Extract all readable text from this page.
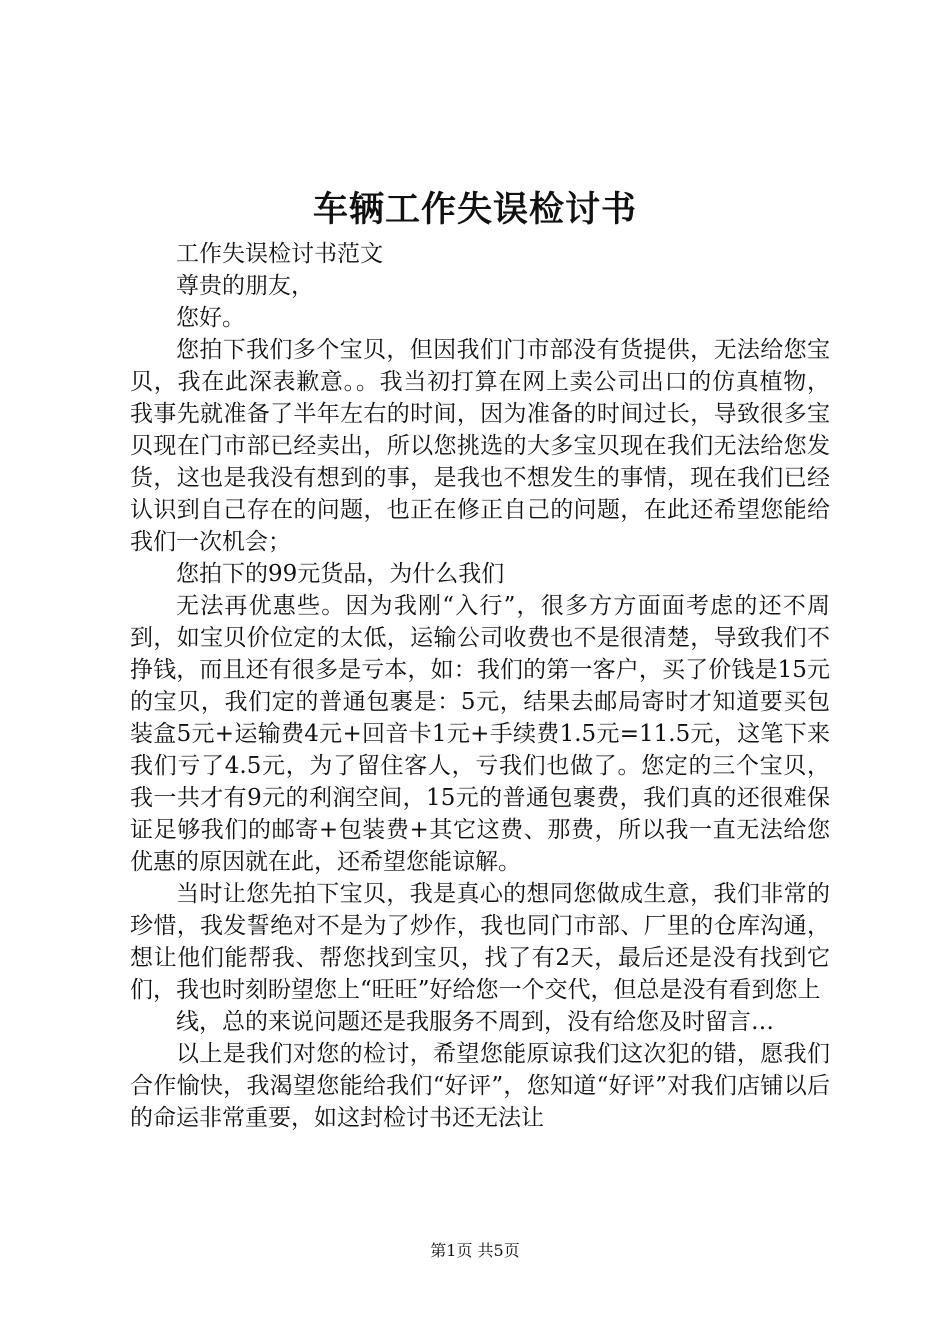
车辆工作失误检讨书

工作失误检讨书范文

尊贵的朋友，

您好。

您拍下我们多个宝贝，但因我们门市部没有货提供，无法给您宝贝，我在此深表歉意。。我当初打算在网上卖公司出口的仿真植物，我事先就准备了半年左右的时间，因为准备的时间过长，导致很多宝贝现在门市部已经卖出，所以您挑选的大多宝贝现在我们无法给您发货，这也是我没有想到的事，是我也不想发生的事情，现在我们已经认识到自己存在的问题，也正在修正自己的问题，在此还希望您能给我们一次机会；

您拍下的99元货品，为什么我们

无法再优惠些。因为我刚“入行”，很多方方面面考虑的还不周到，如宝贝价位定的太低，运输公司收费也不是很清楚，导致我们不挣钱，而且还有很多是亏本，如：我们的第一客户，买了价钱是15元的宝贝，我们定的普通包裹是：5元，结果去邮局寄时才知道要买包装盒5元+运输费4元+回音卡1元+手续费1.5元=11.5元，这笔下来我们亏了4.5元，为了留住客人，亏我们也做了。您定的三个宝贝，我一共才有9元的利润空间，15元的普通包裹费，我们真的还很难保证足够我们的邮寄+包装费+其它这费、那费，所以我一直无法给您优惠的原因就在此，还希望您能谅解。

当时让您先拍下宝贝，我是真心的想同您做成生意，我们非常的珍惜，我发誓绝对不是为了炒作，我也同门市部、厂里的仓库沟通，想让他们能帮我、帮您找到宝贝，找了有2天，最后还是没有找到它们，我也时刻盼望您上“旺旺”好给您一个交代，但总是没有看到您上

线，总的来说问题还是我服务不周到，没有给您及时留言…

以上是我们对您的检讨，希望您能原谅我们这次犯的错，愿我们合作愉快，我渴望您能给我们“好评”，您知道“好评”对我们店铺以后的命运非常重要，如这封检讨书还无法让

第1页 共5页
